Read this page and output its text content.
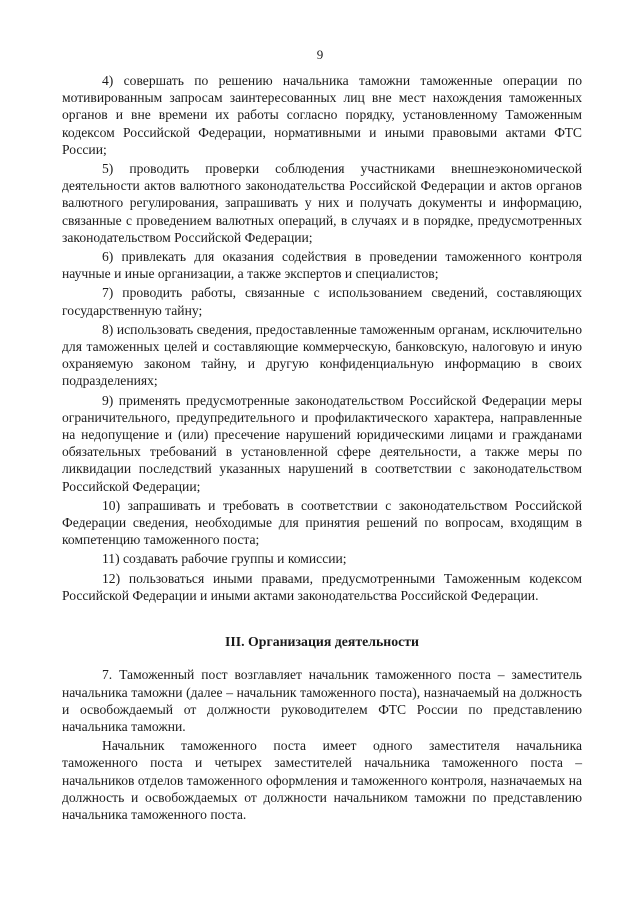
9

4) совершать по решению начальника таможни таможенные операции по мотивированным запросам заинтересованных лиц вне мест нахождения таможенных органов и вне времени их работы согласно порядку, установленному Таможенным кодексом Российской Федерации, нормативными и иными правовыми актами ФТС России;

5) проводить проверки соблюдения участниками внешнеэкономической деятельности актов валютного законодательства Российской Федерации и актов органов валютного регулирования, запрашивать у них и получать документы и информацию, связанные с проведением валютных операций, в случаях и в порядке, предусмотренных законодательством Российской Федерации;

6) привлекать для оказания содействия в проведении таможенного контроля научные и иные организации, а также экспертов и специалистов;

7) проводить работы, связанные с использованием сведений, составляющих государственную тайну;

8) использовать сведения, предоставленные таможенным органам, исключительно для таможенных целей и составляющие коммерческую, банковскую, налоговую и иную охраняемую законом тайну, и другую конфиденциальную информацию в своих подразделениях;

9) применять предусмотренные законодательством Российской Федерации меры ограничительного, предупредительного и профилактического характера, направленные на недопущение и (или) пресечение нарушений юридическими лицами и гражданами обязательных требований в установленной сфере деятельности, а также меры по ликвидации последствий указанных нарушений в соответствии с законодательством Российской Федерации;

10) запрашивать и требовать в соответствии с законодательством Российской Федерации сведения, необходимые для принятия решений по вопросам, входящим в компетенцию таможенного поста;

11) создавать рабочие группы и комиссии;

12) пользоваться иными правами, предусмотренными Таможенным кодексом Российской Федерации и иными актами законодательства Российской Федерации.

III. Организация деятельности

7. Таможенный пост возглавляет начальник таможенного поста – заместитель начальника таможни (далее – начальник таможенного поста), назначаемый на должность и освобождаемый от должности руководителем ФТС России по представлению начальника таможни.

Начальник таможенного поста имеет одного заместителя начальника таможенного поста и четырех заместителей начальника таможенного поста – начальников отделов таможенного оформления и таможенного контроля, назначаемых на должность и освобождаемых от должности начальником таможни по представлению начальника таможенного поста.
